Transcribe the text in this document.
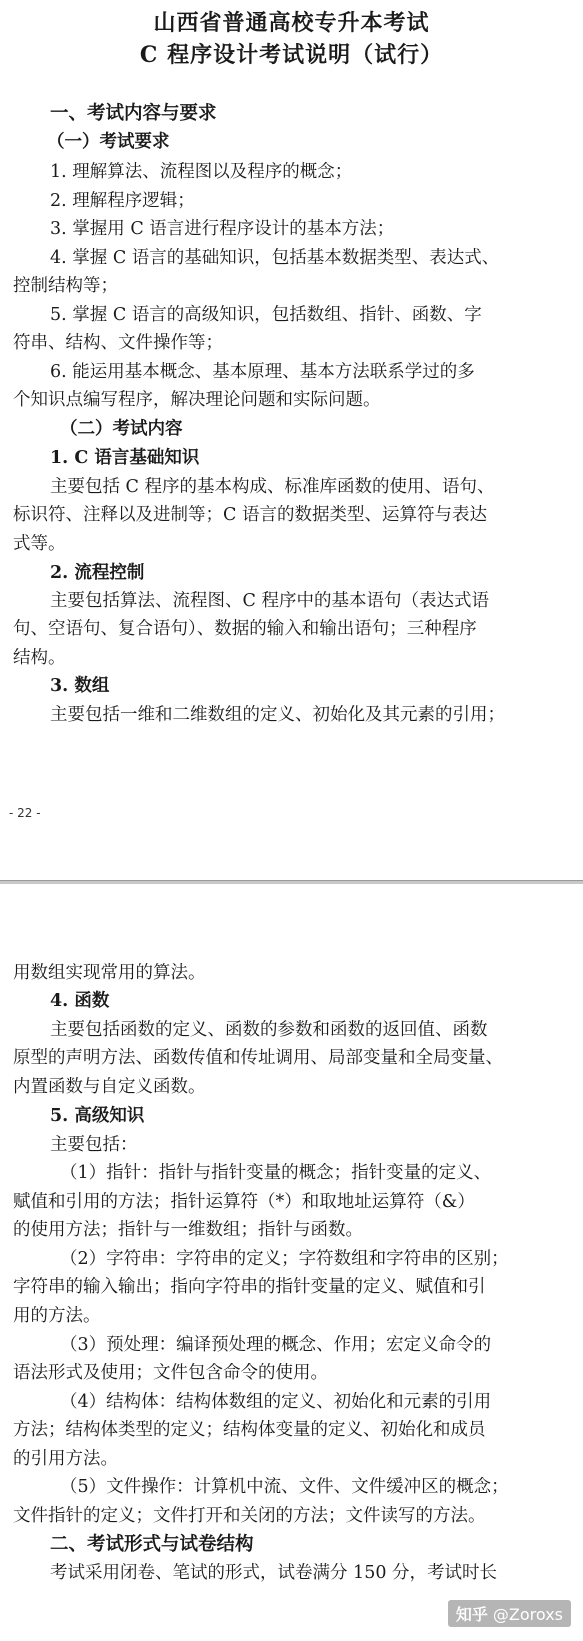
山西省普通高校专升本考试
C 程序设计考试说明（试行）
一、考试内容与要求
（一）考试要求
1. 理解算法、流程图以及程序的概念；
2. 理解程序逻辑；
3. 掌握用 C 语言进行程序设计的基本方法；
4. 掌握 C 语言的基础知识，包括基本数据类型、表达式、
控制结构等；
5. 掌握 C 语言的高级知识，包括数组、指针、函数、字
符串、结构、文件操作等；
6. 能运用基本概念、基本原理、基本方法联系学过的多
个知识点编写程序，解决理论问题和实际问题。
（二）考试内容
1. C 语言基础知识
主要包括 C 程序的基本构成、标准库函数的使用、语句、
标识符、注释以及进制等；C 语言的数据类型、运算符与表达
式等。
2. 流程控制
主要包括算法、流程图、C 程序中的基本语句（表达式语
句、空语句、复合语句）、数据的输入和输出语句；三种程序
结构。
3. 数组
主要包括一维和二维数组的定义、初始化及其元素的引用；
- 22 -
用数组实现常用的算法。
4. 函数
主要包括函数的定义、函数的参数和函数的返回值、函数
原型的声明方法、函数传值和传址调用、局部变量和全局变量、
内置函数与自定义函数。
5. 高级知识
主要包括：
（1）指针：指针与指针变量的概念；指针变量的定义、
赋值和引用的方法；指针运算符（*）和取地址运算符（&）
的使用方法；指针与一维数组；指针与函数。
（2）字符串：字符串的定义；字符数组和字符串的区别；
字符串的输入输出；指向字符串的指针变量的定义、赋值和引
用的方法。
（3）预处理：编译预处理的概念、作用；宏定义命令的
语法形式及使用；文件包含命令的使用。
（4）结构体：结构体数组的定义、初始化和元素的引用
方法；结构体类型的定义；结构体变量的定义、初始化和成员
的引用方法。
（5）文件操作：计算机中流、文件、文件缓冲区的概念；
文件指针的定义；文件打开和关闭的方法；文件读写的方法。
二、考试形式与试卷结构
考试采用闭卷、笔试的形式，试卷满分 150 分，考试时长
知乎 @Zoroxs
